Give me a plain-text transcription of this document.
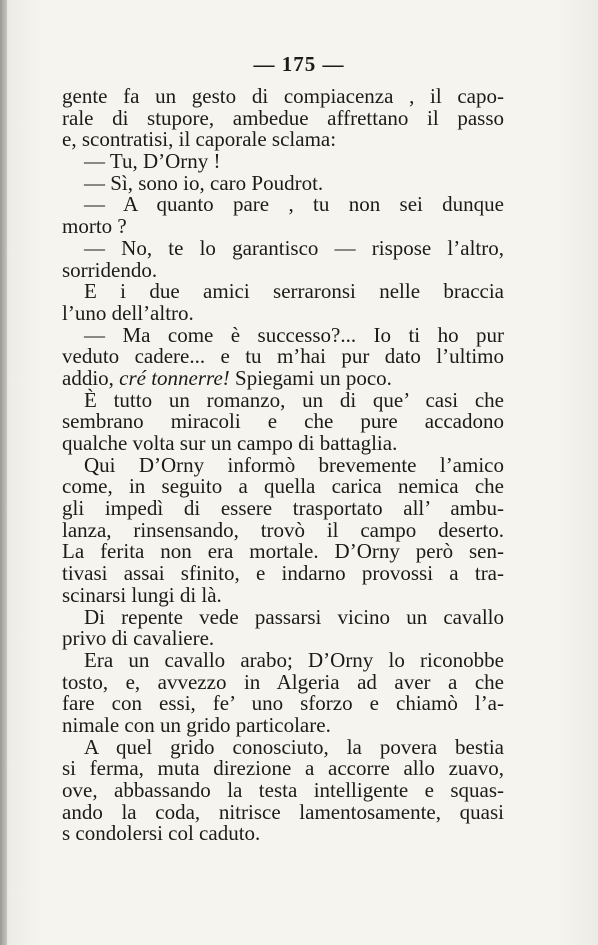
— 175 —
gente fa un gesto di compiacenza , il capo-
rale di stupore, ambedue affrettano il passo
e, scontratisi, il caporale sclama:
— Tu, D’Orny !
— Sì, sono io, caro Poudrot.
— A quanto pare , tu non sei dunque
morto ?
— No, te lo garantisco — rispose l’altro,
sorridendo.
E i due amici serraronsi nelle braccia
l’uno dell’altro.
— Ma come è successo?... Io ti ho pur
veduto cadere... e tu m’hai pur dato l’ultimo
addio, cré tonnerre! Spiegami un poco.
È tutto un romanzo, un di que’ casi che
sembrano miracoli e che pure accadono
qualche volta sur un campo di battaglia.
Qui D’Orny informò brevemente l’amico
come, in seguito a quella carica nemica che
gli impedì di essere trasportato all’ ambu-
lanza, rinsensando, trovò il campo deserto.
La ferita non era mortale. D’Orny però sen-
tivasi assai sfinito, e indarno provossi a tra-
scinarsi lungi di là.
Di repente vede passarsi vicino un cavallo
privo di cavaliere.
Era un cavallo arabo; D’Orny lo riconobbe
tosto, e, avvezzo in Algeria ad aver a che
fare con essi, fe’ uno sforzo e chiamò l’a-
nimale con un grido particolare.
A quel grido conosciuto, la povera bestia
si ferma, muta direzione a accorre allo zuavo,
ove, abbassando la testa intelligente e squas-
ando la coda, nitrisce lamentosamente, quasi
s condolersi col caduto.
